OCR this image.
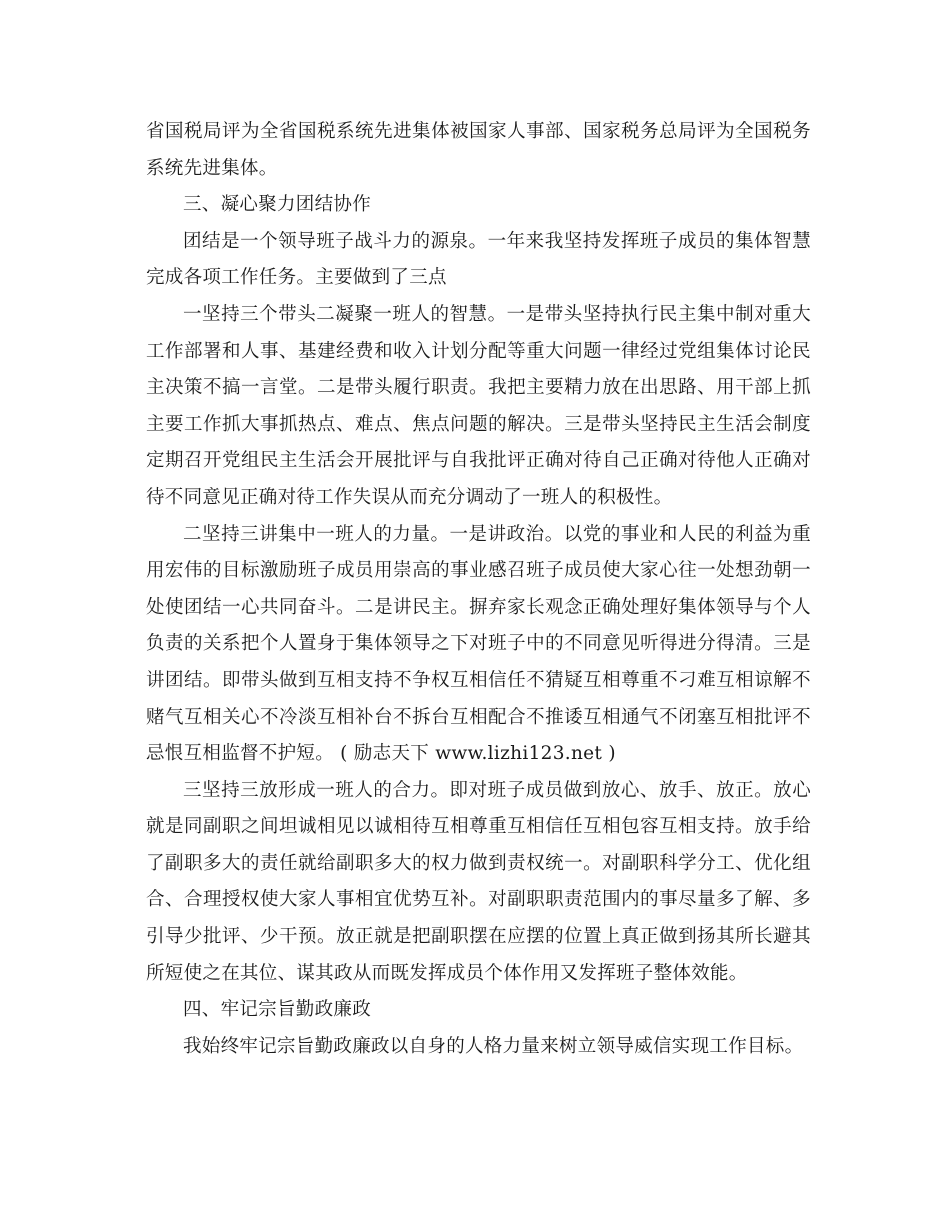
省国税局评为全省国税系统先进集体被国家人事部、国家税务总局评为全国税务系统先进集体。

三、凝心聚力团结协作

团结是一个领导班子战斗力的源泉。一年来我坚持发挥班子成员的集体智慧完成各项工作任务。主要做到了三点

一坚持三个带头二凝聚一班人的智慧。一是带头坚持执行民主集中制对重大工作部署和人事、基建经费和收入计划分配等重大问题一律经过党组集体讨论民主决策不搞一言堂。二是带头履行职责。我把主要精力放在出思路、用干部上抓主要工作抓大事抓热点、难点、焦点问题的解决。三是带头坚持民主生活会制度定期召开党组民主生活会开展批评与自我批评正确对待自己正确对待他人正确对待不同意见正确对待工作失误从而充分调动了一班人的积极性。

二坚持三讲集中一班人的力量。一是讲政治。以党的事业和人民的利益为重用宏伟的目标激励班子成员用崇高的事业感召班子成员使大家心往一处想劲朝一处使团结一心共同奋斗。二是讲民主。摒弃家长观念正确处理好集体领导与个人负责的关系把个人置身于集体领导之下对班子中的不同意见听得进分得清。三是讲团结。即带头做到互相支持不争权互相信任不猜疑互相尊重不刁难互相谅解不赌气互相关心不冷淡互相补台不拆台互相配合不推诿互相通气不闭塞互相批评不忌恨互相监督不护短。 ( 励志天下 www.lizhi123.net )

三坚持三放形成一班人的合力。即对班子成员做到放心、放手、放正。放心就是同副职之间坦诚相见以诚相待互相尊重互相信任互相包容互相支持。放手给了副职多大的责任就给副职多大的权力做到责权统一。对副职科学分工、优化组合、合理授权使大家人事相宜优势互补。对副职职责范围内的事尽量多了解、多引导少批评、少干预。放正就是把副职摆在应摆的位置上真正做到扬其所长避其所短使之在其位、谋其政从而既发挥成员个体作用又发挥班子整体效能。

四、牢记宗旨勤政廉政

我始终牢记宗旨勤政廉政以自身的人格力量来树立领导威信实现工作目标。
